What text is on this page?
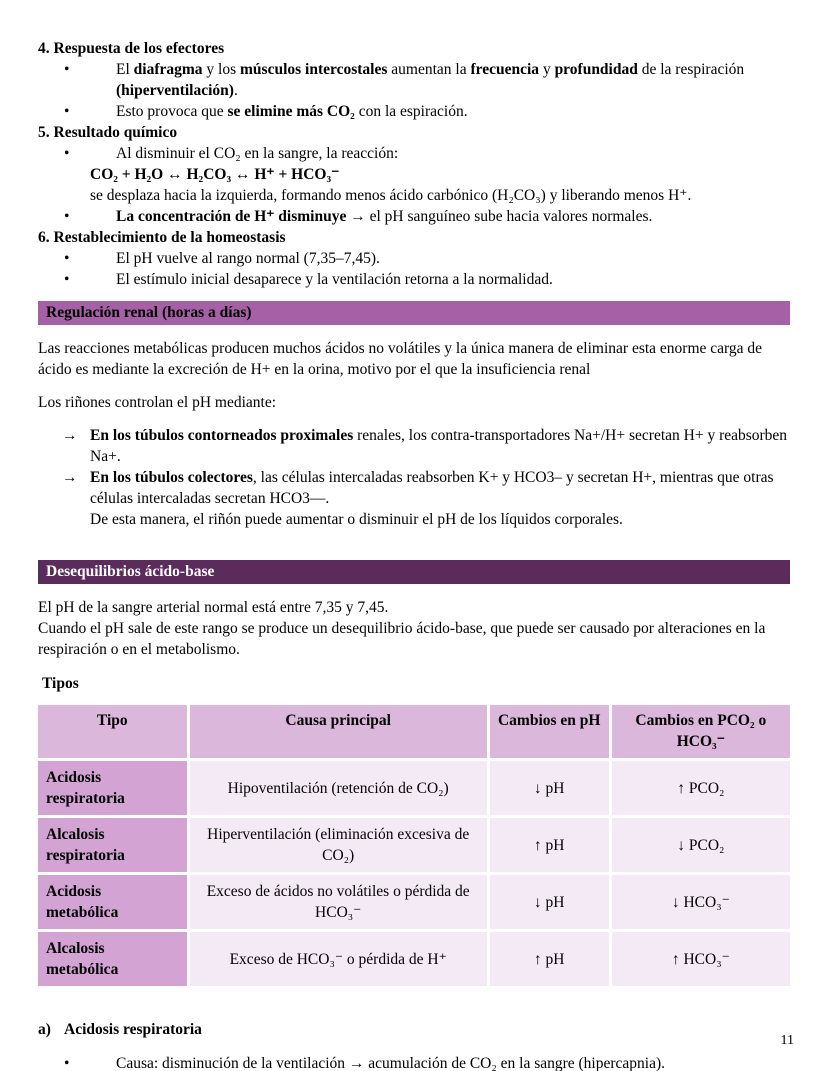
4. Respuesta de los efectores
• El diafragma y los músculos intercostales aumentan la frecuencia y profundidad de la respiración (hiperventilación).
• Esto provoca que se elimine más CO₂ con la espiración.
5. Resultado químico
• Al disminuir el CO₂ en la sangre, la reacción:
CO₂ + H₂O ↔ H₂CO₃ ↔ H⁺ + HCO₃⁻
se desplaza hacia la izquierda, formando menos ácido carbónico (H₂CO₃) y liberando menos H⁺.
• La concentración de H⁺ disminuye → el pH sanguíneo sube hacia valores normales.
6. Restablecimiento de la homeostasis
• El pH vuelve al rango normal (7,35–7,45).
• El estímulo inicial desaparece y la ventilación retorna a la normalidad.
Regulación renal (horas a días)

Las reacciones metabólicas producen muchos ácidos no volátiles y la única manera de eliminar esta enorme carga de ácido es mediante la excreción de H+ en la orina, motivo por el que la insuficiencia renal

Los riñones controlan el pH mediante:

→ En los túbulos contorneados proximales renales, los contra-transportadores Na+/H+ secretan H+ y reabsorben Na+.
→ En los túbulos colectores, las células intercaladas reabsorben K+ y HCO3– y secretan H+, mientras que otras células intercaladas secretan HCO3—.
De esta manera, el riñón puede aumentar o disminuir el pH de los líquidos corporales.
Desequilibrios ácido-base

El pH de la sangre arterial normal está entre 7,35 y 7,45.

Cuando el pH sale de este rango se produce un desequilibrio ácido-base, que puede ser causado por alteraciones en la respiración o en el metabolismo.

Tipos
Tipo	Causa principal	Cambios en pH	Cambios en PCO₂ o HCO₃⁻
Acidosis respiratoria	Hipoventilación (retención de CO₂)	↓ pH	↑ PCO₂
Alcalosis respiratoria	Hiperventilación (eliminación excesiva de CO₂)	↑ pH	↓ PCO₂
Acidosis metabólica	Exceso de ácidos no volátiles o pérdida de HCO₃⁻	↓ pH	↓ HCO₃⁻
Alcalosis metabólica	Exceso de HCO₃⁻ o pérdida de H⁺	↑ pH	↑ HCO₃⁻
a) Acidosis respiratoria
• Causa: disminución de la ventilación → acumulación de CO₂ en la sangre (hipercapnia).
11
